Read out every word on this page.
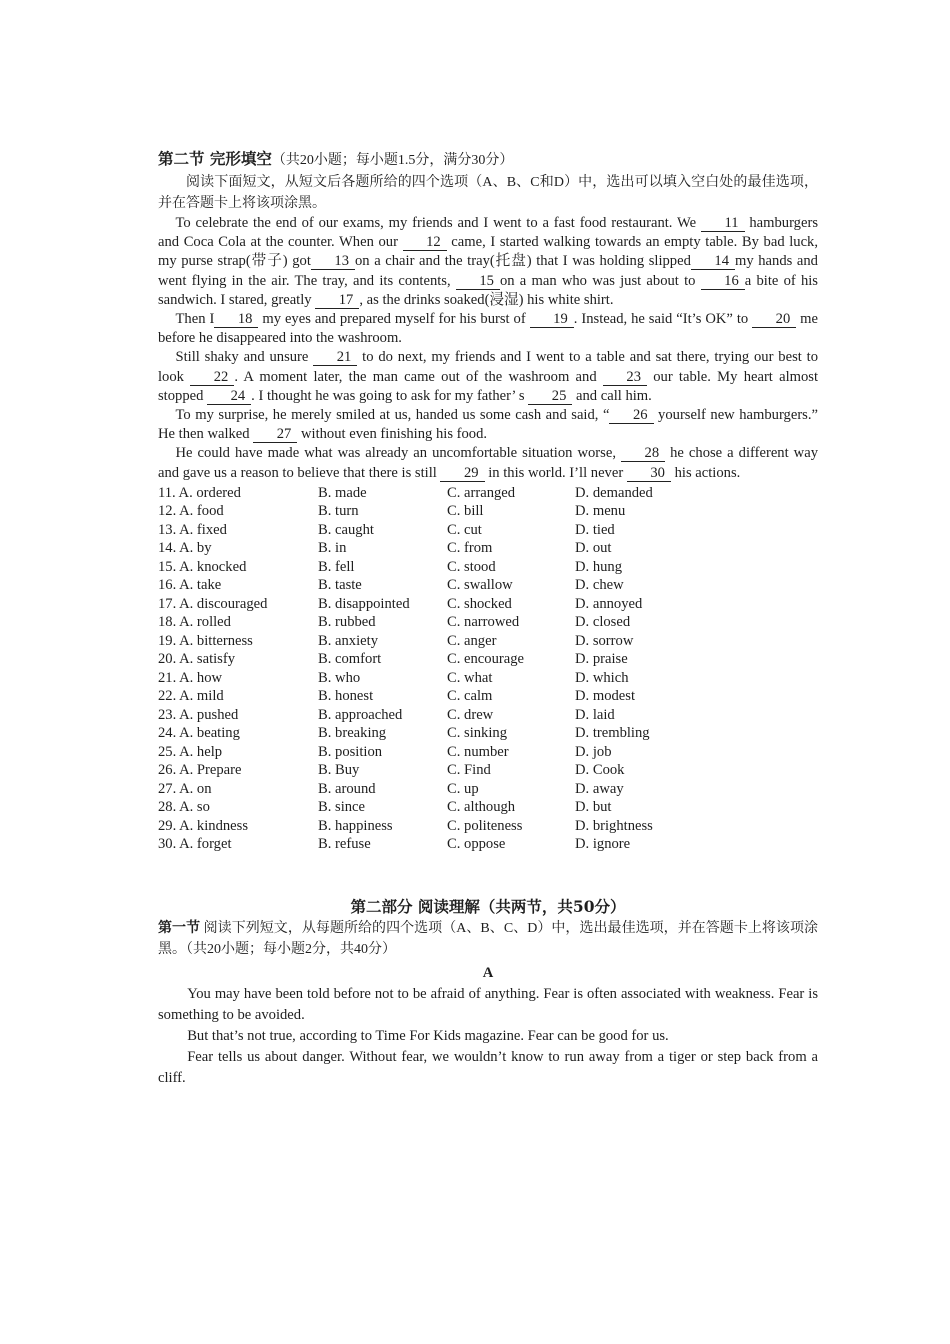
第二节 完形填空（共20小题；每小题1.5分，满分30分）

阅读下面短文，从短文后各题所给的四个选项（A、B、C和D）中，选出可以填入空白处的最佳选项，并在答题卡上将该项涂黑。

To celebrate the end of our exams, my friends and I went to a fast food restaurant. We 11 hamburgers and Coca Cola at the counter. When our 12 came, I started walking towards an empty table. By bad luck, my purse strap(带子) got 13 on a chair and the tray(托盘) that I was holding slipped 14 my hands and went flying in the air. The tray, and its contents, 15 on a man who was just about to 16 a bite of his sandwich. I stared, greatly 17 , as the drinks soaked(浸湿) his white shirt.

Then I 18 my eyes and prepared myself for his burst of 19 . Instead, he said “It’s OK” to 20 me before he disappeared into the washroom.

Still shaky and unsure 21 to do next, my friends and I went to a table and sat there, trying our best to look 22 . A moment later, the man came out of the washroom and 23 our table. My heart almost stopped 24 . I thought he was going to ask for my father’ s 25 and call him.

To my surprise, he merely smiled at us, handed us some cash and said, “ 26 yourself new hamburgers.” He then walked 27 without even finishing his food.

He could have made what was already an uncomfortable situation worse, 28 he chose a different way and gave us a reason to believe that there is still 29 in this world. I’ll never 30 his actions.

11. A. ordered	B. made	C. arranged	D. demanded
12. A. food	B. turn	C. bill	D. menu
13. A. fixed	B. caught	C. cut	D. tied
14. A. by	B. in	C. from	D. out
15. A. knocked	B. fell	C. stood	D. hung
16. A. take	B. taste	C. swallow	D. chew
17. A. discouraged	B. disappointed	C. shocked	D. annoyed
18. A. rolled	B. rubbed	C. narrowed	D. closed
19. A. bitterness	B. anxiety	C. anger	D. sorrow
20. A. satisfy	B. comfort	C. encourage	D. praise
21. A. how	B. who	C. what	D. which
22. A. mild	B. honest	C. calm	D. modest
23. A. pushed	B. approached	C. drew	D. laid
24. A. beating	B. breaking	C. sinking	D. trembling
25. A. help	B. position	C. number	D. job
26. A. Prepare	B. Buy	C. Find	D. Cook
27. A. on	B. around	C. up	D. away
28. A. so	B. since	C. although	D. but
29. A. kindness	B. happiness	C. politeness	D. brightness
30. A. forget	B. refuse	C. oppose	D. ignore
第二部分 阅读理解（共两节，共50分）

第一节 阅读下列短文，从每题所给的四个选项（A、B、C、D）中，选出最佳选项，并在答题卡上将该项涂黑。（共20小题；每小题2分，共40分）

A

You may have been told before not to be afraid of anything. Fear is often associated with weakness. Fear is something to be avoided.

But that’s not true, according to Time For Kids magazine. Fear can be good for us.

Fear tells us about danger. Without fear, we wouldn’t know to run away from a tiger or step back from a cliff.
